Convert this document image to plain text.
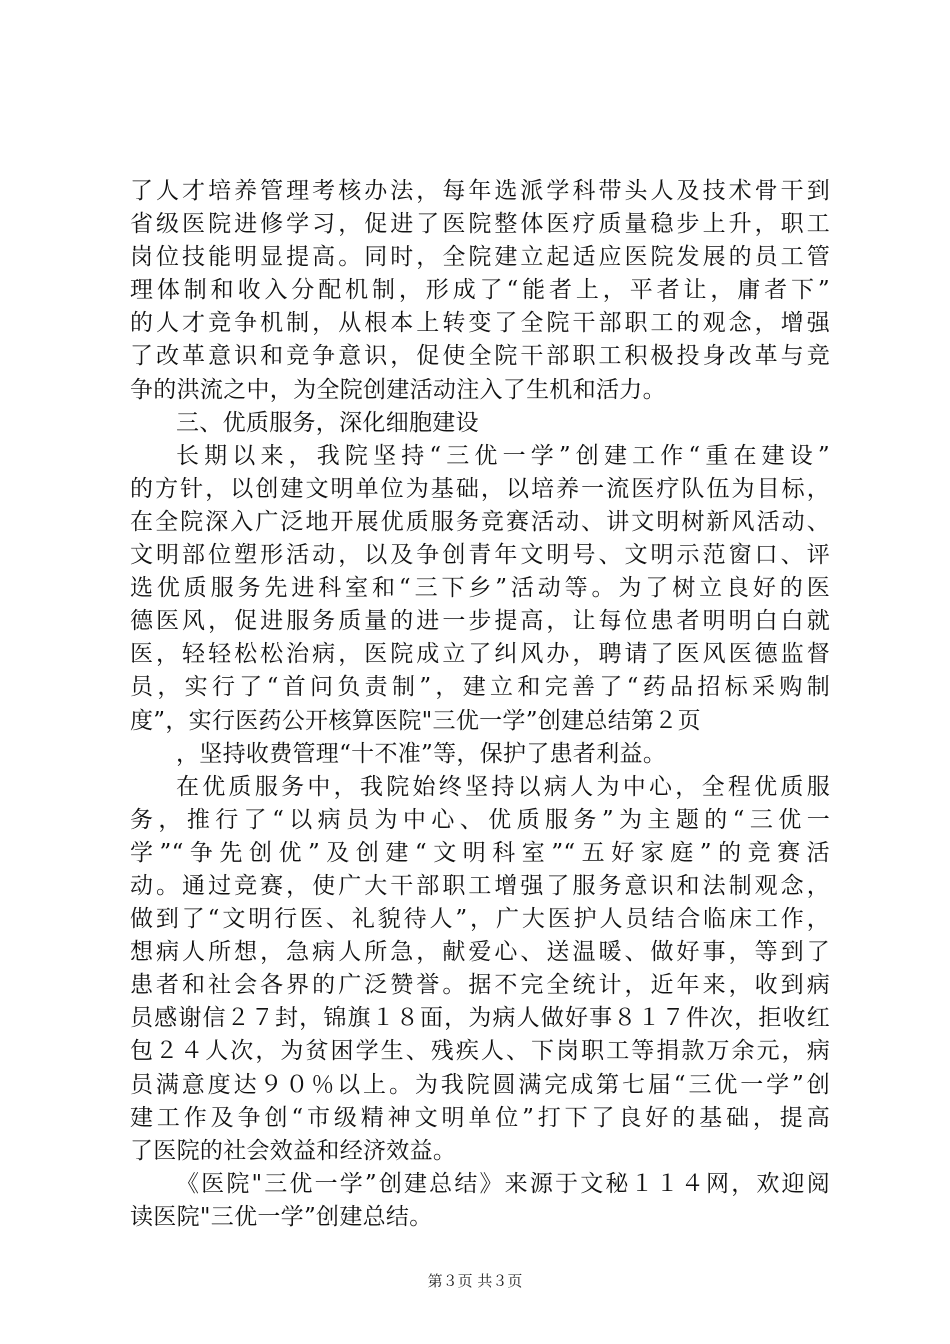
了人才培养管理考核办法，每年选派学科带头人及技术骨干到
省级医院进修学习，促进了医院整体医疗质量稳步上升，职工
岗位技能明显提高。同时，全院建立起适应医院发展的员工管
理体制和收入分配机制，形成了“能者上，平者让，庸者下”
的人才竞争机制，从根本上转变了全院干部职工的观念，增强
了改革意识和竞争意识，促使全院干部职工积极投身改革与竞
争的洪流之中，为全院创建活动注入了生机和活力。
三、优质服务，深化细胞建设
长期以来，我院坚持“三优一学”创建工作“重在建设”
的方针，以创建文明单位为基础，以培养一流医疗队伍为目标，
在全院深入广泛地开展优质服务竞赛活动、讲文明树新风活动、
文明部位塑形活动，以及争创青年文明号、文明示范窗口、评
选优质服务先进科室和“三下乡”活动等。为了树立良好的医
德医风，促进服务质量的进一步提高，让每位患者明明白白就
医，轻轻松松治病，医院成立了纠风办，聘请了医风医德监督
员，实行了“首问负责制”，建立和完善了“药品招标采购制
度”，实行医药公开核算医院"三优一学”创建总结第２页
，坚持收费管理“十不准”等，保护了患者利益。
在优质服务中，我院始终坚持以病人为中心，全程优质服
务，推行了“以病员为中心、优质服务”为主题的“三优一
学”“争先创优”及创建“文明科室”“五好家庭”的竞赛活
动。通过竞赛，使广大干部职工增强了服务意识和法制观念，
做到了“文明行医、礼貌待人”，广大医护人员结合临床工作，
想病人所想，急病人所急，献爱心、送温暖、做好事，等到了
患者和社会各界的广泛赞誉。据不完全统计，近年来，收到病
员感谢信２７封，锦旗１８面，为病人做好事８１７件次，拒收红
包２４人次，为贫困学生、残疾人、下岗职工等捐款万余元，病
员满意度达９０％以上。为我院圆满完成第七届“三优一学”创
建工作及争创“市级精神文明单位”打下了良好的基础，提高
了医院的社会效益和经济效益。
《医院"三优一学”创建总结》来源于文秘１１４网，欢迎阅
读医院"三优一学”创建总结。
第３页 共３页
